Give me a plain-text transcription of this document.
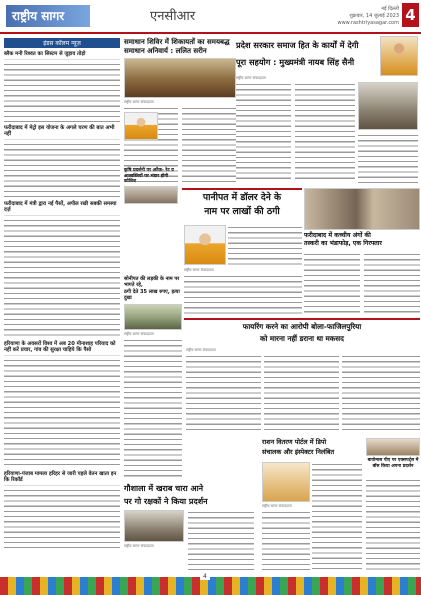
राष्ट्रीय सागर	एनसीआर	नई दिल्ली
शुक्रवार, 14 जुलाई 2023
www.rashtriyasagar.com 4
इंडस कॉलम न्यूज़
ब्लैक मनी रिश्वत का सिस्टम से जुड़ाव तोड़ो
फरीदाबाद में मेट्रो इस योजना के अगले चरण की बात अभी नहीं
फरीदाबाद में मंत्री द्वारा नई पैसों, अपील रखी सबकी समस्या दर्ज़
हरियाणा के अवसरों विश्व में अब 20 मीनाशाह परियाद को नहीं करें प्रचार, गांव की सुरक्षा चाहिये कि पैसो
हरियाणा-पंजाब मामला हरिहर से जारी पहले वेतन खाता इन कि रिकॉर्ड
समाधान शिविर में शिकायतों का समयबद्ध समाधान अनिवार्य : ललित सरीन
राष्ट्रीय सागर संवाददाता
कृषि प्रदर्शनी पर अटैक- रेट व आश्वस्तियों पर भंडार होगी कोशिश
प्रदेश सरकार समाज हित के कार्यों में देगी
पूरा सहयोग : मुख्यमंत्री नायब सिंह सैनी
राष्ट्रीय सागर संवाददाता
पानीपत में डॉलर देने के
नाम पर लाखों की ठगी
राष्ट्रीय सागर संवाददाता
फरीदाबाद में कच्चीय अंगों की
तस्करी का भंडाफोड़, एक गिरफ्तार
सोनीपत की लड़की के नाम पर भागते रहे,
ठगी देते 35 लाख रुपए, हत्या दुखः
राष्ट्रीय सागर संवाददाता
फायरिंग करने का आरोपी बोला-फाजिलपुरिया
को मारना नहीं डराना था मकसद
राष्ट्रीय सागर संवाददाता
गौशाला में खराब चारा आने
पर गो रक्षकों ने किया प्रदर्शन
राष्ट्रीय सागर संवाददाता
राशन वितरण पोर्टल में डिपो
संचालक और इंस्पेक्टर निलंबित
राष्ट्रीय सागर संवाददाता
बायोमास पीए पर एक्सपर्ट्स में बॉस किया अपना प्रदर्शन
4
